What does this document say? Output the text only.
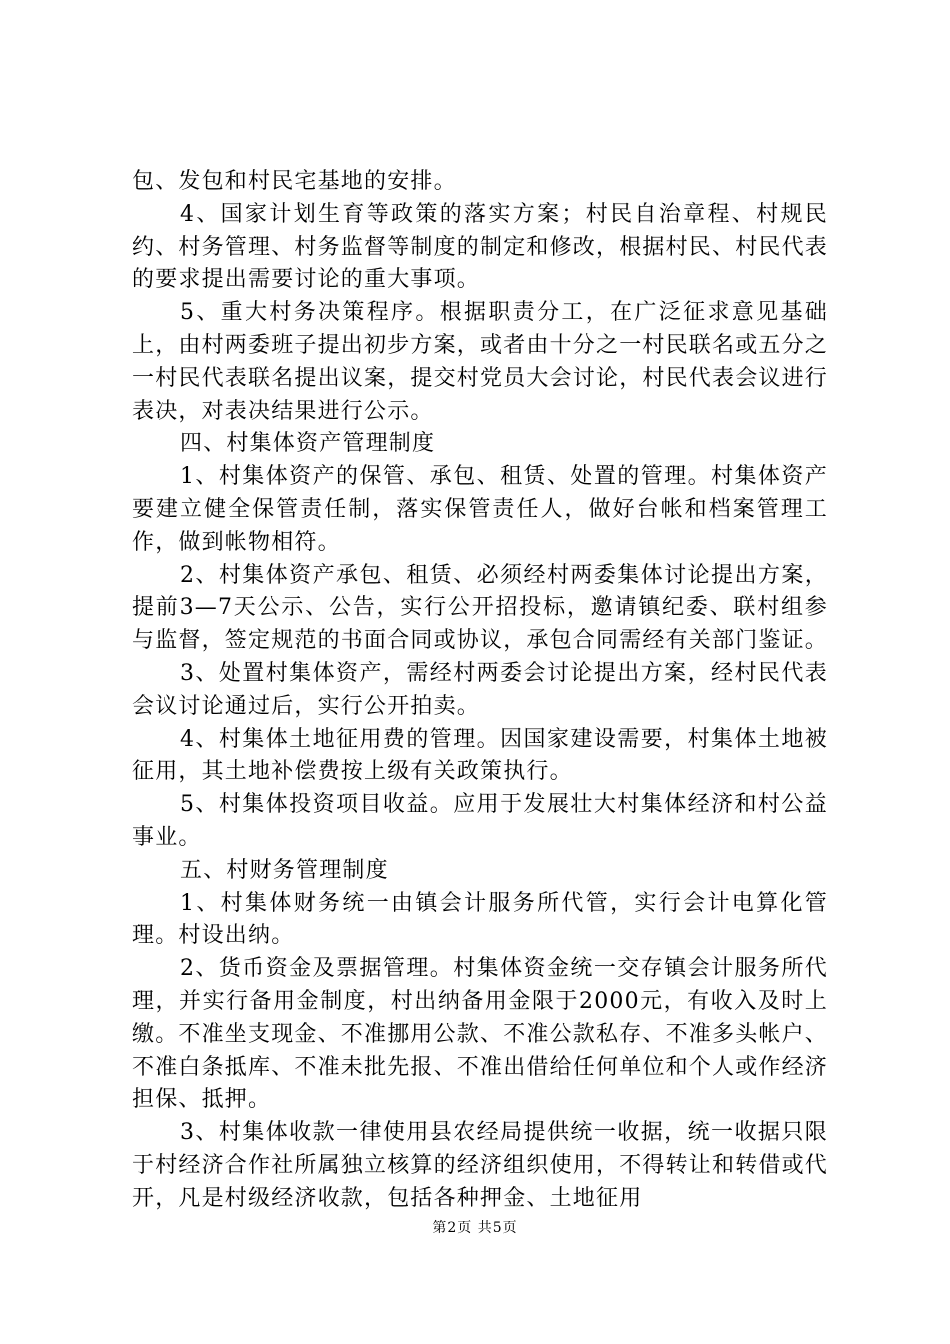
包、发包和村民宅基地的安排。

4、国家计划生育等政策的落实方案；村民自治章程、村规民约、村务管理、村务监督等制度的制定和修改，根据村民、村民代表的要求提出需要讨论的重大事项。

5、重大村务决策程序。根据职责分工，在广泛征求意见基础上，由村两委班子提出初步方案，或者由十分之一村民联名或五分之一村民代表联名提出议案，提交村党员大会讨论，村民代表会议进行表决，对表决结果进行公示。

四、村集体资产管理制度

1、村集体资产的保管、承包、租赁、处置的管理。村集体资产要建立健全保管责任制，落实保管责任人，做好台帐和档案管理工作，做到帐物相符。

2、村集体资产承包、租赁、必须经村两委集体讨论提出方案，提前3—7天公示、公告，实行公开招投标，邀请镇纪委、联村组参与监督，签定规范的书面合同或协议，承包合同需经有关部门鉴证。

3、处置村集体资产，需经村两委会讨论提出方案，经村民代表会议讨论通过后，实行公开拍卖。

4、村集体土地征用费的管理。因国家建设需要，村集体土地被征用，其土地补偿费按上级有关政策执行。

5、村集体投资项目收益。应用于发展壮大村集体经济和村公益事业。

五、村财务管理制度

1、村集体财务统一由镇会计服务所代管，实行会计电算化管理。村设出纳。

2、货币资金及票据管理。村集体资金统一交存镇会计服务所代理，并实行备用金制度，村出纳备用金限于2000元，有收入及时上缴。不准坐支现金、不准挪用公款、不准公款私存、不准多头帐户、不准白条抵库、不准未批先报、不准出借给任何单位和个人或作经济担保、抵押。

3、村集体收款一律使用县农经局提供统一收据，统一收据只限于村经济合作社所属独立核算的经济组织使用，不得转让和转借或代开，凡是村级经济收款，包括各种押金、土地征用

第2页 共5页
